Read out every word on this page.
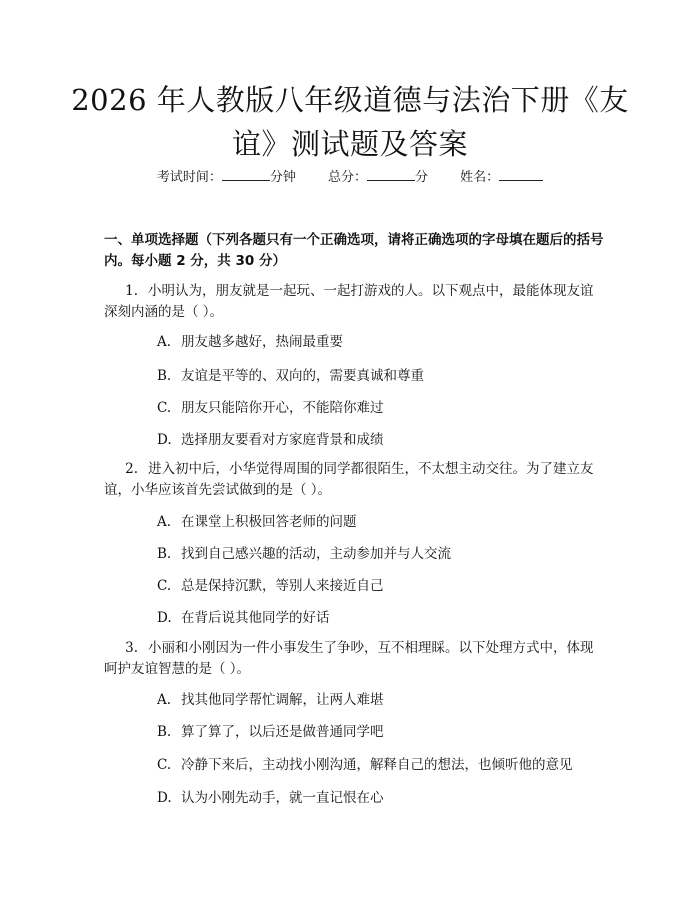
2026 年人教版八年级道德与法治下册《友
谊》测试题及答案
考试时间：	分钟 总分：	分 姓名：
一、单项选择题（下列各题只有一个正确选项，请将正确选项的字母填在题后的括号内。每小题 2 分，共 30 分）
1. 小明认为，朋友就是一起玩、一起打游戏的人。以下观点中，最能体现友谊深刻内涵的是（ ）。
A. 朋友越多越好，热闹最重要
B. 友谊是平等的、双向的，需要真诚和尊重
C. 朋友只能陪你开心，不能陪你难过
D. 选择朋友要看对方家庭背景和成绩
2. 进入初中后，小华觉得周围的同学都很陌生，不太想主动交往。为了建立友谊，小华应该首先尝试做到的是（ ）。
A. 在课堂上积极回答老师的问题
B. 找到自己感兴趣的活动，主动参加并与人交流
C. 总是保持沉默，等别人来接近自己
D. 在背后说其他同学的好话
3. 小丽和小刚因为一件小事发生了争吵，互不相理睬。以下处理方式中，体现呵护友谊智慧的是（ ）。
A. 找其他同学帮忙调解，让两人难堪
B. 算了算了，以后还是做普通同学吧
C. 冷静下来后，主动找小刚沟通，解释自己的想法，也倾听他的意见
D. 认为小刚先动手，就一直记恨在心
